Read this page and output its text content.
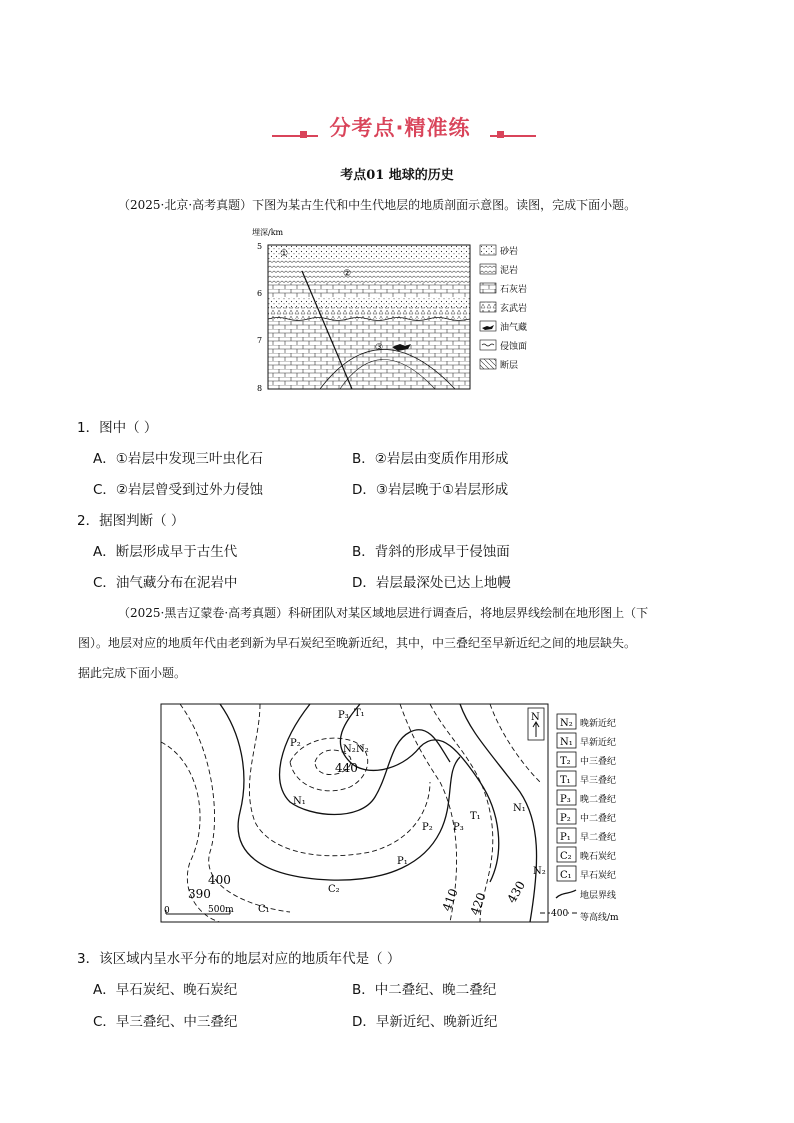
分考点·精准练
考点01 地球的历史
（2025·北京·高考真题）下图为某古生代和中生代地层的地质剖面示意图。读图，完成下面小题。
埋深/km
5
6
7
8
①
②
③
砂岩
泥岩
石灰岩
玄武岩
油气藏
侵蚀面
断层
1．图中（ ）
A．①岩层中发现三叶虫化石	B．②岩层由变质作用形成
C．②岩层曾受到过外力侵蚀	D．③岩层晚于①岩层形成
2．据图判断（ ）
A．断层形成早于古生代	B．背斜的形成早于侵蚀面
C．油气藏分布在泥岩中	D．岩层最深处已达上地幔
（2025·黑吉辽蒙卷·高考真题）科研团队对某区域地层进行调查后，将地层界线绘制在地形图上（下
图）。地层对应的地质年代由老到新为早石炭纪至晚新近纪，其中，中三叠纪至早新近纪之间的地层缺失。
据此完成下面小题。
440
400
390	410 420 430
N₂
P₃ T₁
P₂
N₂
N₁
T₁
N₁
P₂ P₃
P₁
C₂
C₁
N₂
0	500m
N
N₂ 晚新近纪
N₁ 早新近纪
T₂ 中三叠纪
T₁ 早三叠纪
P₃ 晚二叠纪
P₂ 中二叠纪
P₁ 早二叠纪
C₂ 晚石炭纪
C₁ 早石炭纪
地层界线
400 等高线/m
3．该区域内呈水平分布的地层对应的地质年代是（ ）
A．早石炭纪、晚石炭纪	B．中二叠纪、晚二叠纪
C．早三叠纪、中三叠纪	D．早新近纪、晚新近纪
